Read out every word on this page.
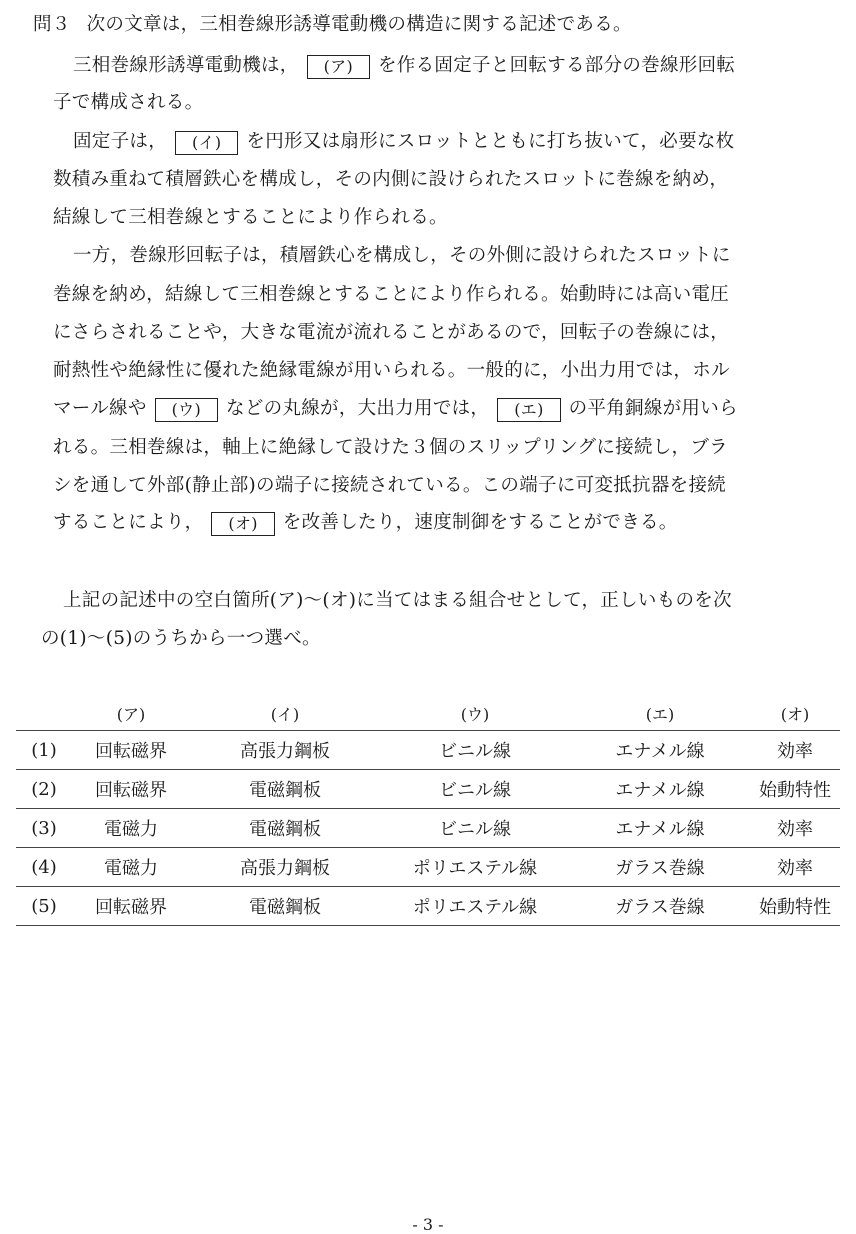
問３ 次の文章は，三相巻線形誘導電動機の構造に関する記述である。
三相巻線形誘導電動機は， (ア) を作る固定子と回転する部分の巻線形回転
子で構成される。
固定子は， (イ) を円形又は扇形にスロットとともに打ち抜いて，必要な枚
数積み重ねて積層鉄心を構成し，その内側に設けられたスロットに巻線を納め，
結線して三相巻線とすることにより作られる。
一方，巻線形回転子は，積層鉄心を構成し，その外側に設けられたスロットに
巻線を納め，結線して三相巻線とすることにより作られる。始動時には高い電圧
にさらされることや，大きな電流が流れることがあるので，回転子の巻線には，
耐熱性や絶縁性に優れた絶縁電線が用いられる。一般的に，小出力用では，ホル
マール線や (ウ) などの丸線が，大出力用では， (エ) の平角銅線が用いら
れる。三相巻線は，軸上に絶縁して設けた３個のスリップリングに接続し，ブラ
シを通して外部(静止部)の端子に接続されている。この端子に可変抵抗器を接続
することにより， (オ) を改善したり，速度制御をすることができる。
上記の記述中の空白箇所(ア)～(オ)に当てはまる組合せとして，正しいものを次
の(1)～(5)のうちから一つ選べ。
	(ア)	(イ)	(ウ)	(エ)	(オ)
(1)	回転磁界	高張力鋼板	ビニル線	エナメル線	効率
(2)	回転磁界	電磁鋼板	ビニル線	エナメル線	始動特性
(3)	電磁力	電磁鋼板	ビニル線	エナメル線	効率
(4)	電磁力	高張力鋼板	ポリエステル線	ガラス巻線	効率
(5)	回転磁界	電磁鋼板	ポリエステル線	ガラス巻線	始動特性
- 3 -
